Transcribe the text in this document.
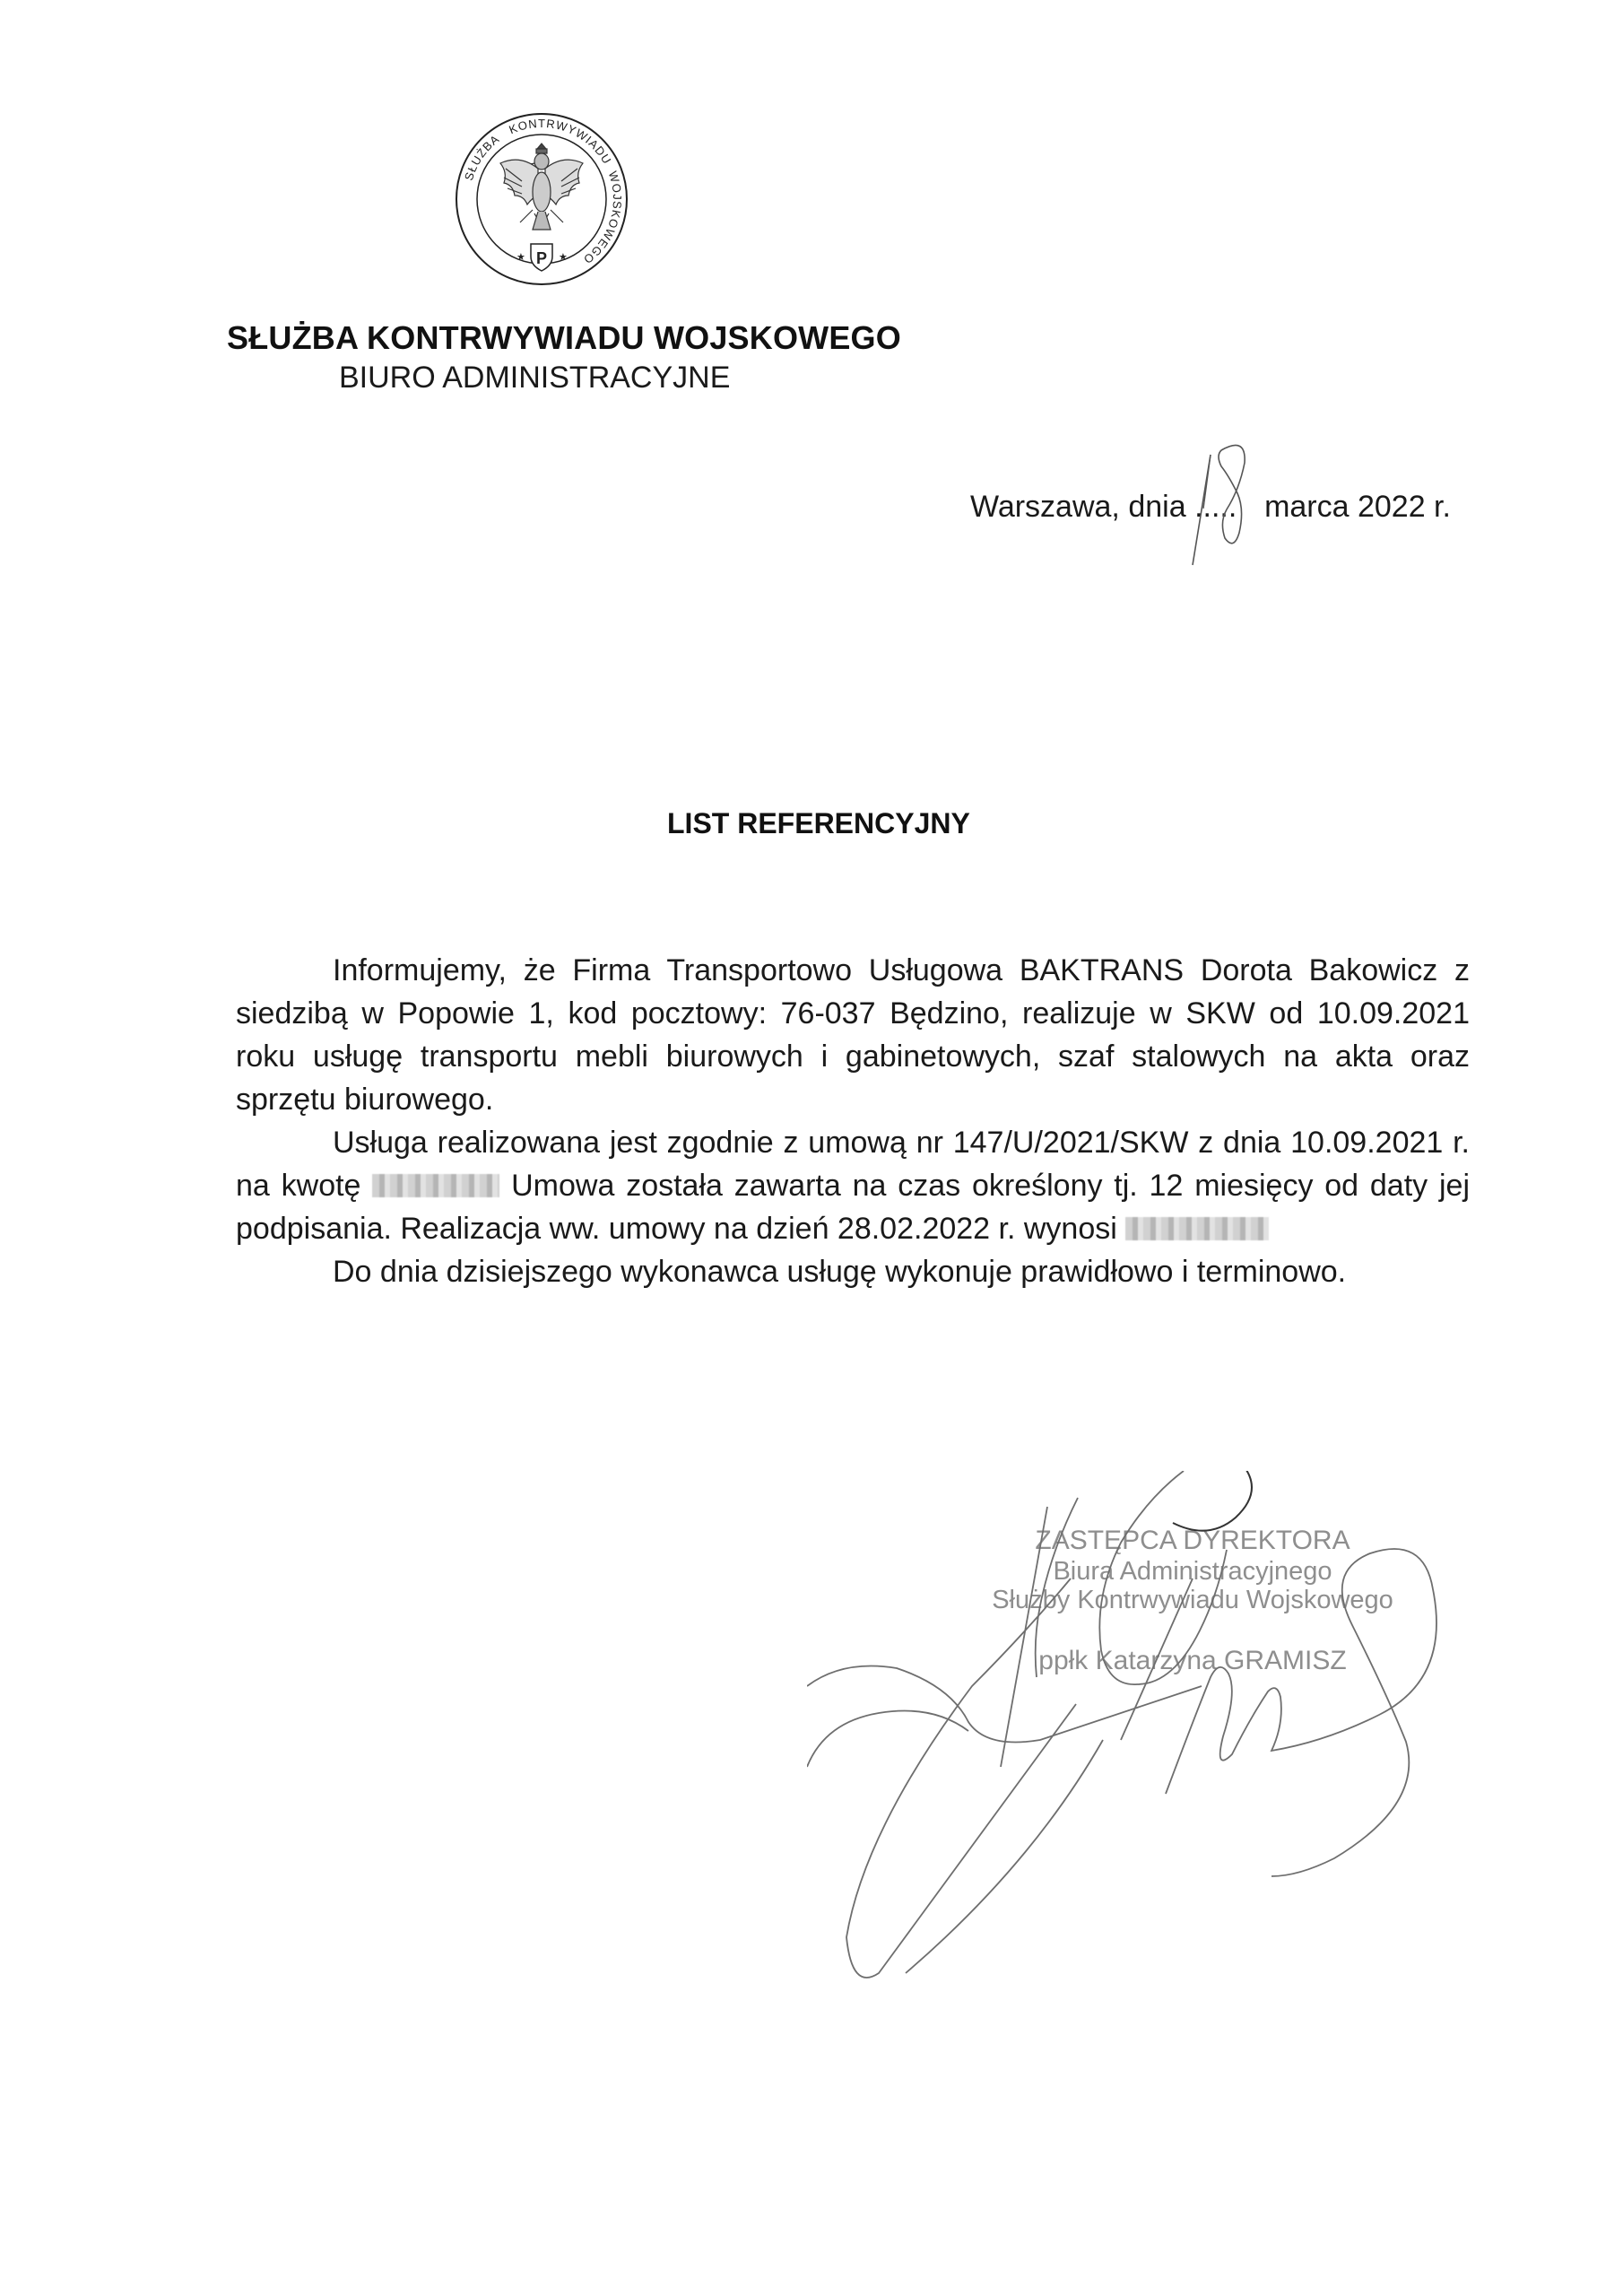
SŁUŻBA
KONTRWYWIADU
WOJSKOWEGO
P
★	★
SŁUŻBA KONTRWYWIADU WOJSKOWEGO
BIURO ADMINISTRACYJNE
Warszawa, dnia ..... marca 2022 r.
LIST REFERENCYJNY

Informujemy, że Firma Transportowo Usługowa BAKTRANS Dorota Bakowicz z siedzibą w Popowie 1, kod pocztowy: 76-037 Będzino, realizuje w SKW od 10.09.2021 roku usługę transportu mebli biurowych i gabinetowych, szaf stalowych na akta oraz sprzętu biurowego.

Usługa realizowana jest zgodnie z umową nr 147/U/2021/SKW z dnia 10.09.2021 r. na kwotę	Umowa została zawarta na czas określony tj. 12 miesięcy od daty jej podpisania. Realizacja ww. umowy na dzień 28.02.2022 r. wynosi

Do dnia dzisiejszego wykonawca usługę wykonuje prawidłowo i terminowo.

ZASTĘPCA DYREKTORA
Biura Administracyjnego
Służby Kontrwywiadu Wojskowego
ppłk Katarzyna GRAMISZ
